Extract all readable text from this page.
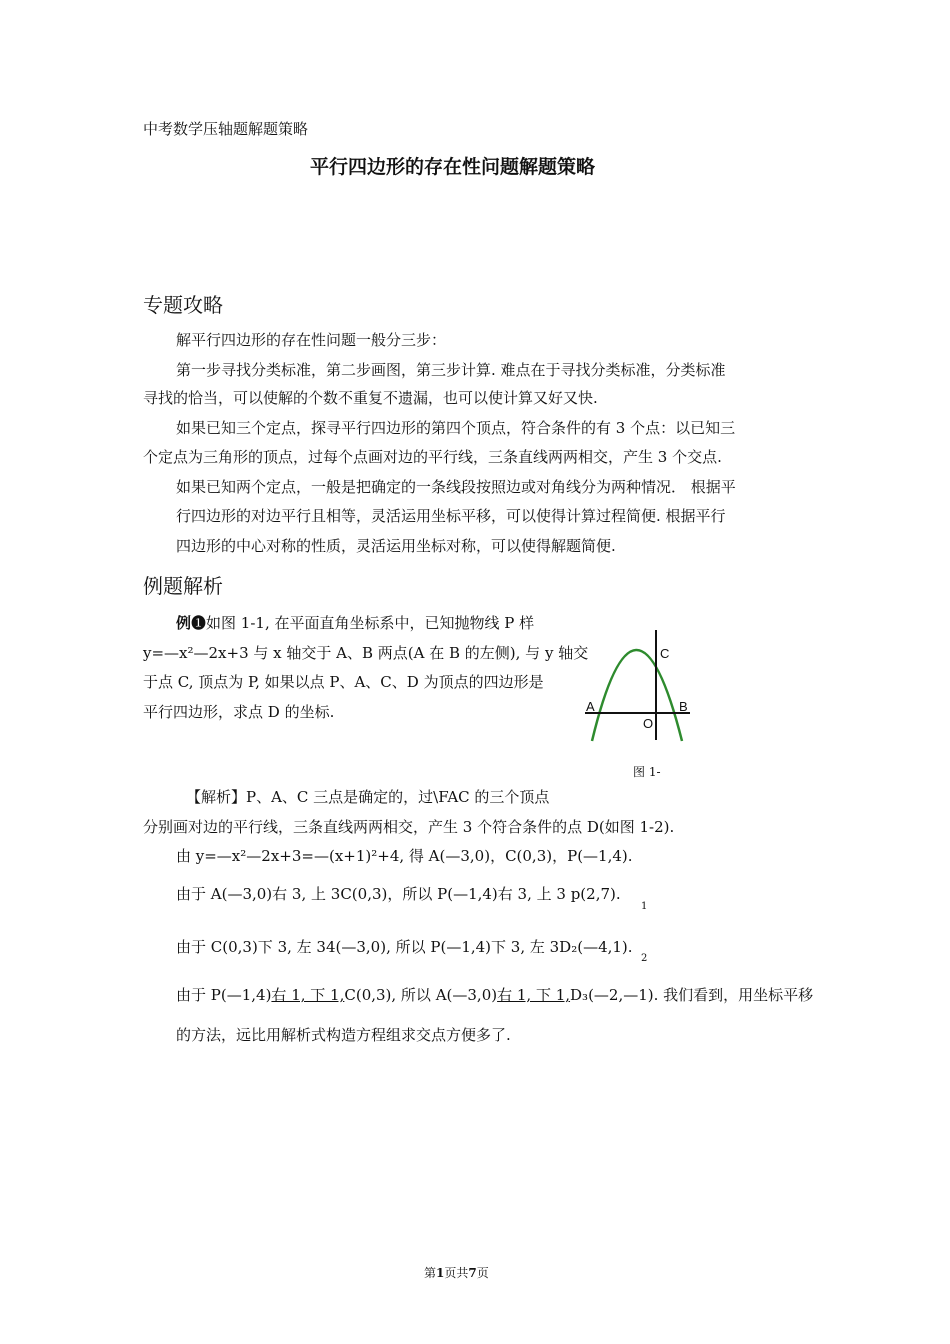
中考数学压轴题解题策略
平行四边形的存在性问题解题策略
专题攻略
解平行四边形的存在性问题一般分三步：
第一步寻找分类标准，第二步画图，第三步计算. 难点在于寻找分类标准，分类标准
寻找的恰当，可以使解的个数不重复不遗漏，也可以使计算又好又快.
如果已知三个定点，探寻平行四边形的第四个顶点，符合条件的有 3 个点：以已知三
个定点为三角形的顶点，过每个点画对边的平行线，三条直线两两相交，产生 3 个交点.
如果已知两个定点，一般是把确定的一条线段按照边或对角线分为两种情况． 根据平
行四边形的对边平行且相等，灵活运用坐标平移，可以使得计算过程简便. 根据平行
四边形的中心对称的性质，灵活运用坐标对称，可以使得解题简便.
例题解析
例❶如图 1-1, 在平面直角坐标系中，已知抛物线 P 样
y=—x²—2x+3 与 x 轴交于 A、B 两点(A 在 B 的左侧), 与 y 轴交
于点 C, 顶点为 P, 如果以点 P、A、C、D 为顶点的四边形是
平行四边形，求点 D 的坐标.	A	B
C
O
图 1-
【解析】P、A、C 三点是确定的，过\FAC 的三个顶点
分别画对边的平行线，三条直线两两相交，产生 3 个符合条件的点 D(如图 1-2).
由 y=—x²—2x+3=—(x+1)²+4, 得 A(—3,0)，C(0,3)，P(—1,4).
由于 A(—3,0)右 3, 上 3C(0,3)，所以 P(—1,4)右 3, 上 3 p(2,7).
1
由于 C(0,3)下 3, 左 34(—3,0), 所以 P(—1,4)下 3, 左 3D₂(—4,1).
2
由于 P(—1,4)右 1, 下 1,C(0,3), 所以 A(—3,0)右 1, 下 1,D₃(—2,—1). 我们看到，用坐标平移
的方法，远比用解析式构造方程组求交点方便多了.
第1页共7页
